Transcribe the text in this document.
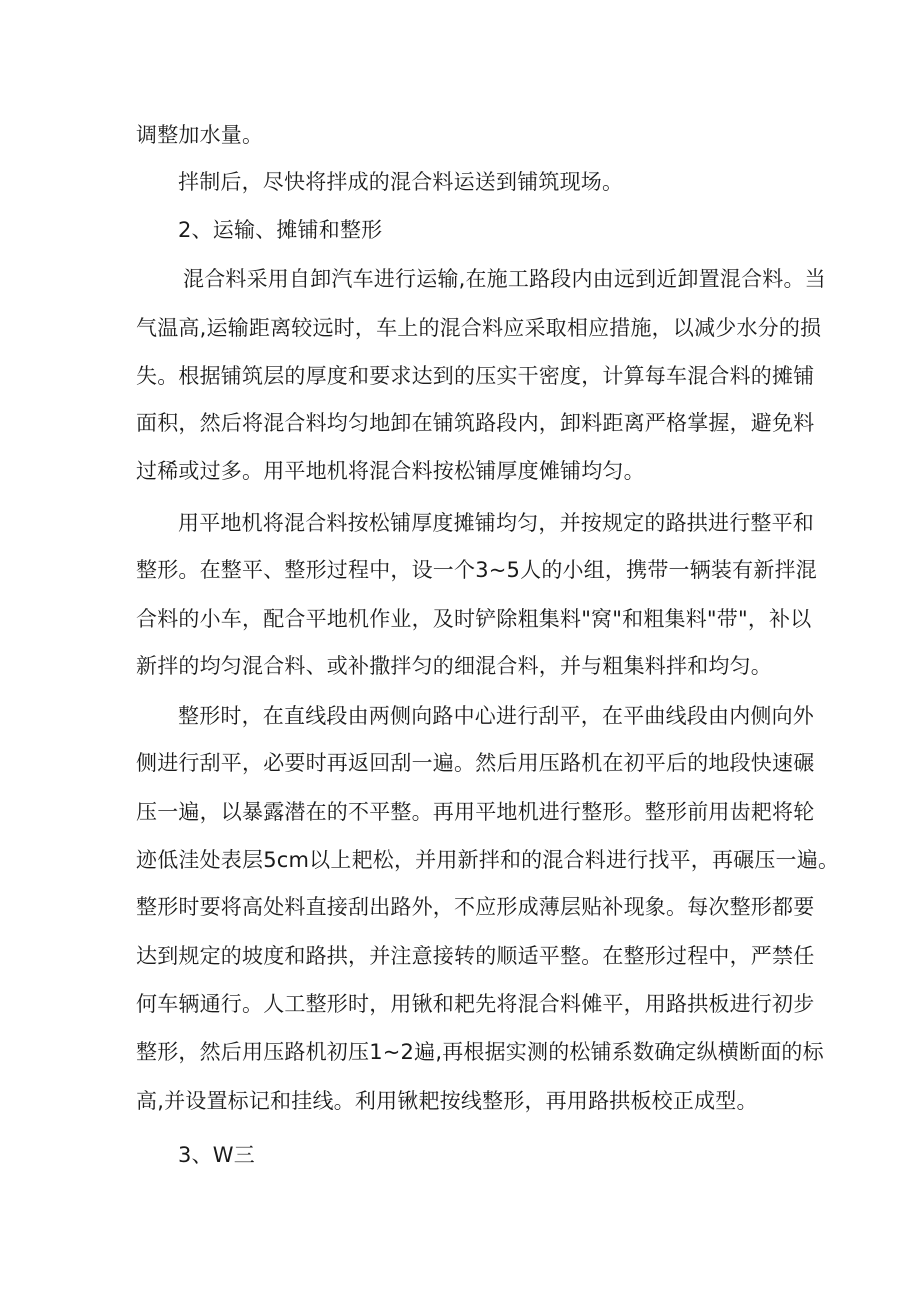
调整加水量。
拌制后，尽快将拌成的混合料运送到铺筑现场。
2、运输、摊铺和整形
混合料采用自卸汽车进行运输,在施工路段内由远到近卸置混合料。当
气温高,运输距离较远时，车上的混合料应采取相应措施，以减少水分的损
失。根据铺筑层的厚度和要求达到的压实干密度，计算每车混合料的摊铺
面积，然后将混合料均匀地卸在铺筑路段内，卸料距离严格掌握，避免料
过稀或过多。用平地机将混合料按松铺厚度傩铺均匀。
用平地机将混合料按松铺厚度摊铺均匀，并按规定的路拱进行整平和
整形。在整平、整形过程中，设一个3~5人的小组，携带一辆装有新拌混
合料的小车，配合平地机作业，及时铲除粗集料"窝"和粗集料"带"，补以
新拌的均匀混合料、或补撒拌匀的细混合料，并与粗集料拌和均匀。
整形时，在直线段由两侧向路中心进行刮平，在平曲线段由内侧向外
侧进行刮平，必要时再返回刮一遍。然后用压路机在初平后的地段快速碾
压一遍，以暴露潜在的不平整。再用平地机进行整形。整形前用齿耙将轮
迹低洼处表层5cm以上耙松，并用新拌和的混合料进行找平，再碾压一遍。
整形时要将高处料直接刮出路外，不应形成薄层贴补现象。每次整形都要
达到规定的坡度和路拱，并注意接转的顺适平整。在整形过程中，严禁任
何车辆通行。人工整形时，用锹和耙先将混合料傩平，用路拱板进行初步
整形，然后用压路机初压1~2遍,再根据实测的松铺系数确定纵横断面的标
高,并设置标记和挂线。利用锹耙按线整形，再用路拱板校正成型。
3、W三
